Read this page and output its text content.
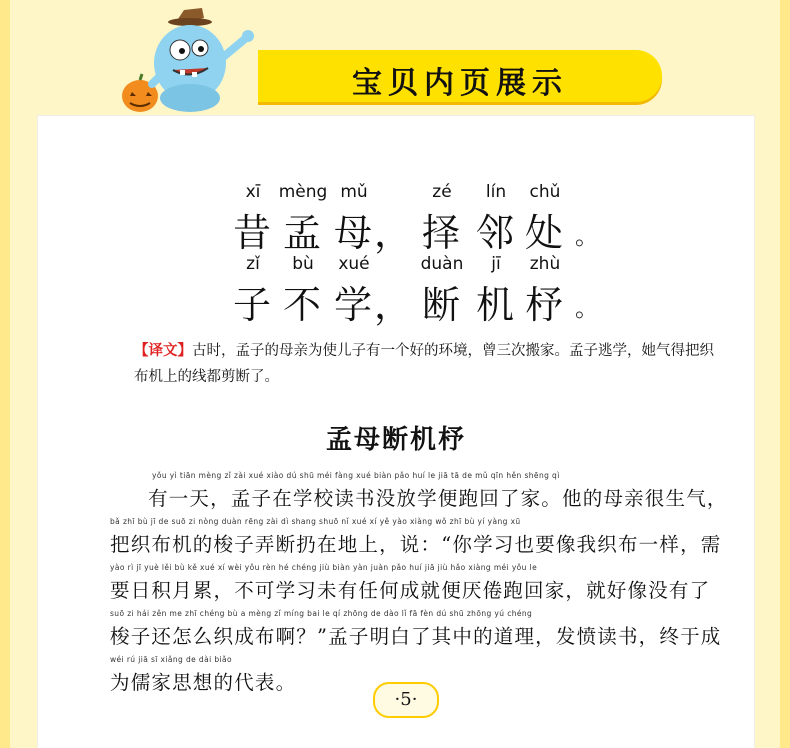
宝贝内页展示
xī	mèng mǔ	zé	lín	chǔ
昔 孟 母 ， 择 邻 处 。
zǐ	bù	xué	duàn	jī	zhù
子 不 学 ， 断 机 杼 。
【译文】古时，孟子的母亲为使儿子有一个好的环境，曾三次搬家。孟子逃学，她气得把织布机上的线都剪断了。
孟母断机杼
yǒu yì tiān mèng zǐ zài xué xiào dú shū méi fàng xué biàn pǎo huí le jiā tā de mǔ qīn hěn shēng qì
有一天，孟子在学校读书没放学便跑回了家。他的母亲很生气，
bǎ zhī bù jī de suō zi nòng duàn rēng zài dì shang shuō nǐ xué xí yě yào xiàng wǒ zhī bù yí yàng xū
把织布机的梭子弄断扔在地上，说：“你学习也要像我织布一样，需
yào rì jī yuè lěi bù kě xué xí wèi yǒu rèn hé chéng jiù biàn yàn juàn pǎo huí jiā jiù hǎo xiàng méi yǒu le
要日积月累，不可学习未有任何成就便厌倦跑回家，就好像没有了
suō zi hái zěn me zhī chéng bù a mèng zǐ míng bai le qí zhōng de dào lǐ fā fèn dú shū zhōng yú chéng
梭子还怎么织成布啊？”孟子明白了其中的道理，发愤读书，终于成
wéi rú jiā sī xiǎng de dài biǎo
为儒家思想的代表。
·5·
